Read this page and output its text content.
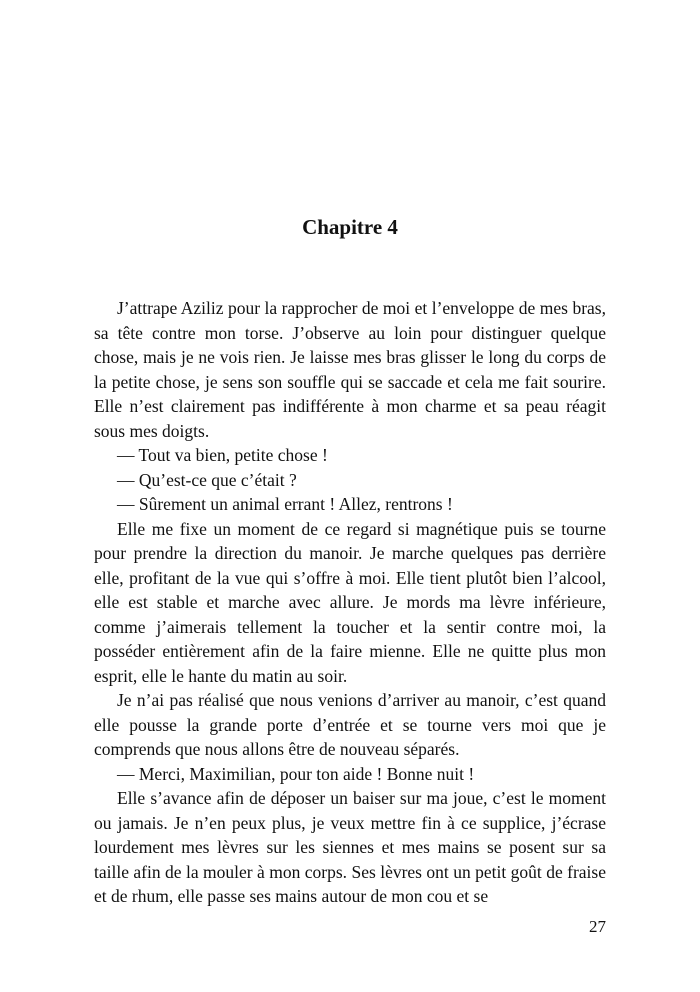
Chapitre 4

J’attrape Aziliz pour la rapprocher de moi et l’enveloppe de mes bras, sa tête contre mon torse. J’observe au loin pour distinguer quelque chose, mais je ne vois rien. Je laisse mes bras glisser le long du corps de la petite chose, je sens son souffle qui se saccade et cela me fait sourire. Elle n’est clairement pas indifférente à mon charme et sa peau réagit sous mes doigts.

— Tout va bien, petite chose !

— Qu’est-ce que c’était ?

— Sûrement un animal errant ! Allez, rentrons !

Elle me fixe un moment de ce regard si magnétique puis se tourne pour prendre la direction du manoir. Je marche quelques pas derrière elle, profitant de la vue qui s’offre à moi. Elle tient plutôt bien l’alcool, elle est stable et marche avec allure. Je mords ma lèvre inférieure, comme j’aimerais tellement la toucher et la sentir contre moi, la posséder entièrement afin de la faire mienne. Elle ne quitte plus mon esprit, elle le hante du matin au soir.

Je n’ai pas réalisé que nous venions d’arriver au manoir, c’est quand elle pousse la grande porte d’entrée et se tourne vers moi que je comprends que nous allons être de nouveau séparés.

— Merci, Maximilian, pour ton aide ! Bonne nuit !

Elle s’avance afin de déposer un baiser sur ma joue, c’est le moment ou jamais. Je n’en peux plus, je veux mettre fin à ce supplice, j’écrase lourdement mes lèvres sur les siennes et mes mains se posent sur sa taille afin de la mouler à mon corps. Ses lèvres ont un petit goût de fraise et de rhum, elle passe ses mains autour de mon cou et se

27
